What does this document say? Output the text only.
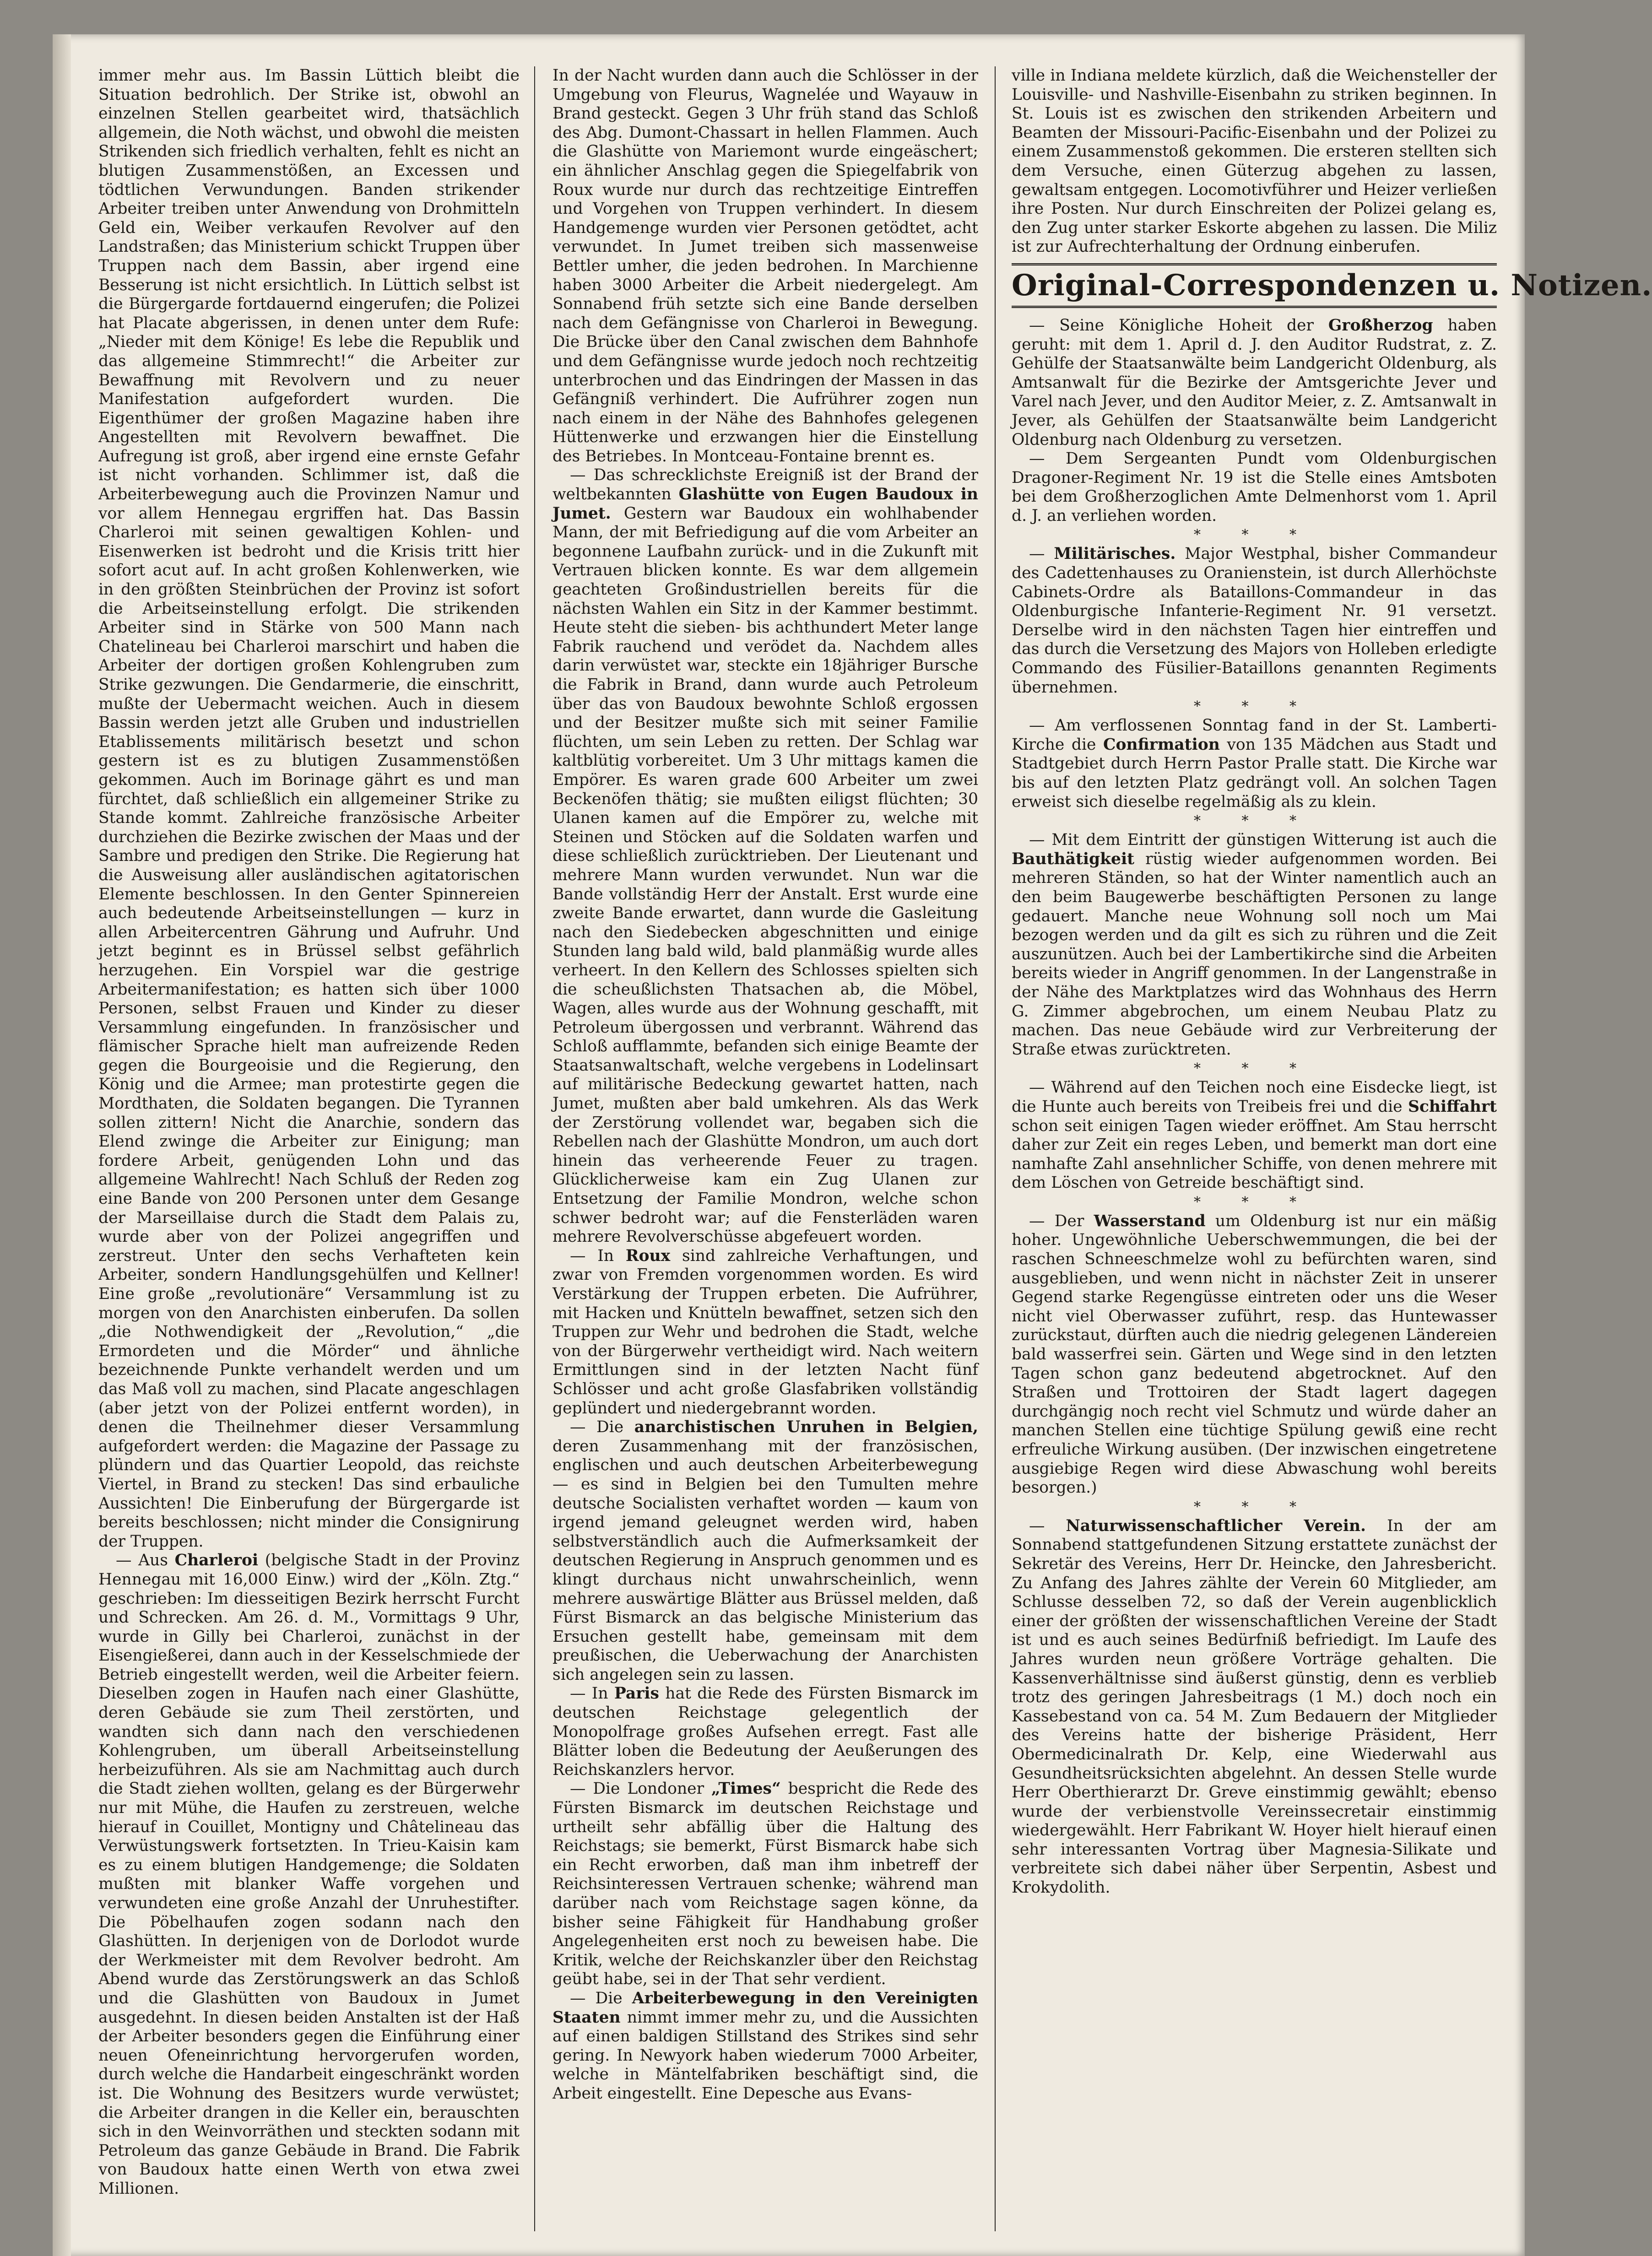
immer mehr aus. Im Bassin Lüttich bleibt die Situation bedrohlich. Der Strike ist, obwohl an einzelnen Stellen gearbeitet wird, thatsächlich allgemein, die Noth wächst, und obwohl die meisten Strikenden sich friedlich verhalten, fehlt es nicht an blutigen Zusammenstößen, an Excessen und tödtlichen Verwundungen. Banden strikender Arbeiter treiben unter Anwendung von Drohmitteln Geld ein, Weiber verkaufen Revolver auf den Landstraßen; das Ministerium schickt Truppen über Truppen nach dem Bassin, aber irgend eine Besserung ist nicht ersichtlich. In Lüttich selbst ist die Bürgergarde fortdauernd eingerufen; die Polizei hat Placate abgerissen, in denen unter dem Rufe: „Nieder mit dem Könige! Es lebe die Republik und das allgemeine Stimmrecht!“ die Arbeiter zur Bewaffnung mit Revolvern und zu neuer Manifestation aufgefordert wurden. Die Eigenthümer der großen Magazine haben ihre Angestellten mit Revolvern bewaffnet. Die Aufregung ist groß, aber irgend eine ernste Gefahr ist nicht vorhanden. Schlimmer ist, daß die Arbeiterbewegung auch die Provinzen Namur und vor allem Hennegau ergriffen hat. Das Bassin Charleroi mit seinen gewaltigen Kohlen- und Eisenwerken ist bedroht und die Krisis tritt hier sofort acut auf. In acht großen Kohlenwerken, wie in den größten Steinbrüchen der Provinz ist sofort die Arbeitseinstellung erfolgt. Die strikenden Arbeiter sind in Stärke von 500 Mann nach Chatelineau bei Charleroi marschirt und haben die Arbeiter der dortigen großen Kohlengruben zum Strike gezwungen. Die Gendarmerie, die einschritt, mußte der Uebermacht weichen. Auch in diesem Bassin werden jetzt alle Gruben und industriellen Etablissements militärisch besetzt und schon gestern ist es zu blutigen Zusammenstößen gekommen. Auch im Borinage gährt es und man fürchtet, daß schließlich ein allgemeiner Strike zu Stande kommt. Zahlreiche französische Arbeiter durchziehen die Bezirke zwischen der Maas und der Sambre und predigen den Strike. Die Regierung hat die Ausweisung aller ausländischen agitatorischen Elemente beschlossen. In den Genter Spinnereien auch bedeutende Arbeitseinstellungen — kurz in allen Arbeitercentren Gährung und Aufruhr. Und jetzt beginnt es in Brüssel selbst gefährlich herzugehen. Ein Vorspiel war die gestrige Arbeitermanifestation; es hatten sich über 1000 Personen, selbst Frauen und Kinder zu dieser Versammlung eingefunden. In französischer und flämischer Sprache hielt man aufreizende Reden gegen die Bourgeoisie und die Regierung, den König und die Armee; man protestirte gegen die Mordthaten, die Soldaten begangen. Die Tyrannen sollen zittern! Nicht die Anarchie, sondern das Elend zwinge die Arbeiter zur Einigung; man fordere Arbeit, genügenden Lohn und das allgemeine Wahlrecht! Nach Schluß der Reden zog eine Bande von 200 Personen unter dem Gesange der Marseillaise durch die Stadt dem Palais zu, wurde aber von der Polizei angegriffen und zerstreut. Unter den sechs Verhafteten kein Arbeiter, sondern Handlungsgehülfen und Kellner! Eine große „revolutionäre“ Versammlung ist zu morgen von den Anarchisten einberufen. Da sollen „die Nothwendigkeit der „Revolution,“ „die Ermordeten und die Mörder“ und ähnliche bezeichnende Punkte verhandelt werden und um das Maß voll zu machen, sind Placate angeschlagen (aber jetzt von der Polizei entfernt worden), in denen die Theilnehmer dieser Versammlung aufgefordert werden: die Magazine der Passage zu plündern und das Quartier Leopold, das reichste Viertel, in Brand zu stecken! Das sind erbauliche Aussichten! Die Einberufung der Bürgergarde ist bereits beschlossen; nicht minder die Consignirung der Truppen.

— Aus Charleroi (belgische Stadt in der Provinz Hennegau mit 16,000 Einw.) wird der „Köln. Ztg.“ geschrieben: Im diesseitigen Bezirk herrscht Furcht und Schrecken. Am 26. d. M., Vormittags 9 Uhr, wurde in Gilly bei Charleroi, zunächst in der Eisengießerei, dann auch in der Kesselschmiede der Betrieb eingestellt werden, weil die Arbeiter feiern. Dieselben zogen in Haufen nach einer Glashütte, deren Gebäude sie zum Theil zerstörten, und wandten sich dann nach den verschiedenen Kohlengruben, um überall Arbeitseinstellung herbeizuführen. Als sie am Nachmittag auch durch die Stadt ziehen wollten, gelang es der Bürgerwehr nur mit Mühe, die Haufen zu zerstreuen, welche hierauf in Couillet, Montigny und Châtelineau das Verwüstungswerk fortsetzten. In Trieu-Kaisin kam es zu einem blutigen Handgemenge; die Soldaten mußten mit blanker Waffe vorgehen und verwundeten eine große Anzahl der Unruhestifter. Die Pöbelhaufen zogen sodann nach den Glashütten. In derjenigen von de Dorlodot wurde der Werkmeister mit dem Revolver bedroht. Am Abend wurde das Zerstörungswerk an das Schloß und die Glashütten von Baudoux in Jumet ausgedehnt. In diesen beiden Anstalten ist der Haß der Arbeiter besonders gegen die Einführung einer neuen Ofeneinrichtung hervorgerufen worden, durch welche die Handarbeit eingeschränkt worden ist. Die Wohnung des Besitzers wurde verwüstet; die Arbeiter drangen in die Keller ein, berauschten sich in den Weinvorräthen und steckten sodann mit Petroleum das ganze Gebäude in Brand. Die Fabrik von Baudoux hatte einen Werth von etwa zwei Millionen.

In der Nacht wurden dann auch die Schlösser in der Umgebung von Fleurus, Wagnelée und Wayauw in Brand gesteckt. Gegen 3 Uhr früh stand das Schloß des Abg. Dumont-Chassart in hellen Flammen. Auch die Glashütte von Mariemont wurde eingeäschert; ein ähnlicher Anschlag gegen die Spiegelfabrik von Roux wurde nur durch das rechtzeitige Eintreffen und Vorgehen von Truppen verhindert. In diesem Handgemenge wurden vier Personen getödtet, acht verwundet. In Jumet treiben sich massenweise Bettler umher, die jeden bedrohen. In Marchienne haben 3000 Arbeiter die Arbeit niedergelegt. Am Sonnabend früh setzte sich eine Bande derselben nach dem Gefängnisse von Charleroi in Bewegung. Die Brücke über den Canal zwischen dem Bahnhofe und dem Gefängnisse wurde jedoch noch rechtzeitig unterbrochen und das Eindringen der Massen in das Gefängniß verhindert. Die Aufrührer zogen nun nach einem in der Nähe des Bahnhofes gelegenen Hüttenwerke und erzwangen hier die Einstellung des Betriebes. In Montceau-Fontaine brennt es.

— Das schrecklichste Ereigniß ist der Brand der weltbekannten Glashütte von Eugen Baudoux in Jumet. Gestern war Baudoux ein wohlhabender Mann, der mit Befriedigung auf die vom Arbeiter an begonnene Laufbahn zurück- und in die Zukunft mit Vertrauen blicken konnte. Es war dem allgemein geachteten Großindustriellen bereits für die nächsten Wahlen ein Sitz in der Kammer bestimmt. Heute steht die sieben- bis achthundert Meter lange Fabrik rauchend und verödet da. Nachdem alles darin verwüstet war, steckte ein 18jähriger Bursche die Fabrik in Brand, dann wurde auch Petroleum über das von Baudoux bewohnte Schloß ergossen und der Besitzer mußte sich mit seiner Familie flüchten, um sein Leben zu retten. Der Schlag war kaltblütig vorbereitet. Um 3 Uhr mittags kamen die Empörer. Es waren grade 600 Arbeiter um zwei Beckenöfen thätig; sie mußten eiligst flüchten; 30 Ulanen kamen auf die Empörer zu, welche mit Steinen und Stöcken auf die Soldaten warfen und diese schließlich zurücktrieben. Der Lieutenant und mehrere Mann wurden verwundet. Nun war die Bande vollständig Herr der Anstalt. Erst wurde eine zweite Bande erwartet, dann wurde die Gasleitung nach den Siedebecken abgeschnitten und einige Stunden lang bald wild, bald planmäßig wurde alles verheert. In den Kellern des Schlosses spielten sich die scheußlichsten Thatsachen ab, die Möbel, Wagen, alles wurde aus der Wohnung geschafft, mit Petroleum übergossen und verbrannt. Während das Schloß aufflammte, befanden sich einige Beamte der Staatsanwaltschaft, welche vergebens in Lodelinsart auf militärische Bedeckung gewartet hatten, nach Jumet, mußten aber bald umkehren. Als das Werk der Zerstörung vollendet war, begaben sich die Rebellen nach der Glashütte Mondron, um auch dort hinein das verheerende Feuer zu tragen. Glücklicherweise kam ein Zug Ulanen zur Entsetzung der Familie Mondron, welche schon schwer bedroht war; auf die Fensterläden waren mehrere Revolverschüsse abgefeuert worden.

— In Roux sind zahlreiche Verhaftungen, und zwar von Fremden vorgenommen worden. Es wird Verstärkung der Truppen erbeten. Die Aufrührer, mit Hacken und Knütteln bewaffnet, setzen sich den Truppen zur Wehr und bedrohen die Stadt, welche von der Bürgerwehr vertheidigt wird. Nach weitern Ermittlungen sind in der letzten Nacht fünf Schlösser und acht große Glasfabriken vollständig geplündert und niedergebrannt worden.

— Die anarchistischen Unruhen in Belgien, deren Zusammenhang mit der französischen, englischen und auch deutschen Arbeiterbewegung — es sind in Belgien bei den Tumulten mehre deutsche Socialisten verhaftet worden — kaum von irgend jemand geleugnet werden wird, haben selbstverständlich auch die Aufmerksamkeit der deutschen Regierung in Anspruch genommen und es klingt durchaus nicht unwahrscheinlich, wenn mehrere auswärtige Blätter aus Brüssel melden, daß Fürst Bismarck an das belgische Ministerium das Ersuchen gestellt habe, gemeinsam mit dem preußischen, die Ueberwachung der Anarchisten sich angelegen sein zu lassen.

— In Paris hat die Rede des Fürsten Bismarck im deutschen Reichstage gelegentlich der Monopolfrage großes Aufsehen erregt. Fast alle Blätter loben die Bedeutung der Aeußerungen des Reichskanzlers hervor.

— Die Londoner „Times“ bespricht die Rede des Fürsten Bismarck im deutschen Reichstage und urtheilt sehr abfällig über die Haltung des Reichstags; sie bemerkt, Fürst Bismarck habe sich ein Recht erworben, daß man ihm inbetreff der Reichsinteressen Vertrauen schenke; während man darüber nach vom Reichstage sagen könne, da bisher seine Fähigkeit für Handhabung großer Angelegenheiten erst noch zu beweisen habe. Die Kritik, welche der Reichskanzler über den Reichstag geübt habe, sei in der That sehr verdient.

— Die Arbeiterbewegung in den Vereinigten Staaten nimmt immer mehr zu, und die Aussichten auf einen baldigen Stillstand des Strikes sind sehr gering. In Newyork haben wiederum 7000 Arbeiter, welche in Mäntelfabriken beschäftigt sind, die Arbeit eingestellt. Eine Depesche aus Evans-

ville in Indiana meldete kürzlich, daß die Weichensteller der Louisville- und Nashville-Eisenbahn zu striken beginnen. In St. Louis ist es zwischen den strikenden Arbeitern und Beamten der Missouri-Pacific-Eisenbahn und der Polizei zu einem Zusammenstoß gekommen. Die ersteren stellten sich dem Versuche, einen Güterzug abgehen zu lassen, gewaltsam entgegen. Locomotivführer und Heizer verließen ihre Posten. Nur durch Einschreiten der Polizei gelang es, den Zug unter starker Eskorte abgehen zu lassen. Die Miliz ist zur Aufrechterhaltung der Ordnung einberufen.

Original-Correspondenzen u. Notizen.

— Seine Königliche Hoheit der Großherzog haben geruht: mit dem 1. April d. J. den Auditor Rudstrat, z. Z. Gehülfe der Staatsanwälte beim Landgericht Oldenburg, als Amtsanwalt für die Bezirke der Amtsgerichte Jever und Varel nach Jever, und den Auditor Meier, z. Z. Amtsanwalt in Jever, als Gehülfen der Staatsanwälte beim Landgericht Oldenburg nach Oldenburg zu versetzen.

— Dem Sergeanten Pundt vom Oldenburgischen Dragoner-Regiment Nr. 19 ist die Stelle eines Amtsboten bei dem Großherzoglichen Amte Delmenhorst vom 1. April d. J. an verliehen worden.

* * *

— Militärisches. Major Westphal, bisher Commandeur des Cadettenhauses zu Oranienstein, ist durch Allerhöchste Cabinets-Ordre als Bataillons-Commandeur in das Oldenburgische Infanterie-Regiment Nr. 91 versetzt. Derselbe wird in den nächsten Tagen hier eintreffen und das durch die Versetzung des Majors von Holleben erledigte Commando des Füsilier-Bataillons genannten Regiments übernehmen.

* * *

— Am verflossenen Sonntag fand in der St. Lamberti-Kirche die Confirmation von 135 Mädchen aus Stadt und Stadtgebiet durch Herrn Pastor Pralle statt. Die Kirche war bis auf den letzten Platz gedrängt voll. An solchen Tagen erweist sich dieselbe regelmäßig als zu klein.

* * *

— Mit dem Eintritt der günstigen Witterung ist auch die Bauthätigkeit rüstig wieder aufgenommen worden. Bei mehreren Ständen, so hat der Winter namentlich auch an den beim Baugewerbe beschäftigten Personen zu lange gedauert. Manche neue Wohnung soll noch um Mai bezogen werden und da gilt es sich zu rühren und die Zeit auszunützen. Auch bei der Lambertikirche sind die Arbeiten bereits wieder in Angriff genommen. In der Langenstraße in der Nähe des Marktplatzes wird das Wohnhaus des Herrn G. Zimmer abgebrochen, um einem Neubau Platz zu machen. Das neue Gebäude wird zur Verbreiterung der Straße etwas zurücktreten.

* * *

— Während auf den Teichen noch eine Eisdecke liegt, ist die Hunte auch bereits von Treibeis frei und die Schiffahrt schon seit einigen Tagen wieder eröffnet. Am Stau herrscht daher zur Zeit ein reges Leben, und bemerkt man dort eine namhafte Zahl ansehnlicher Schiffe, von denen mehrere mit dem Löschen von Getreide beschäftigt sind.

* * *

— Der Wasserstand um Oldenburg ist nur ein mäßig hoher. Ungewöhnliche Ueberschwemmungen, die bei der raschen Schneeschmelze wohl zu befürchten waren, sind ausgeblieben, und wenn nicht in nächster Zeit in unserer Gegend starke Regengüsse eintreten oder uns die Weser nicht viel Oberwasser zuführt, resp. das Huntewasser zurückstaut, dürften auch die niedrig gelegenen Ländereien bald wasserfrei sein. Gärten und Wege sind in den letzten Tagen schon ganz bedeutend abgetrocknet. Auf den Straßen und Trottoiren der Stadt lagert dagegen durchgängig noch recht viel Schmutz und würde daher an manchen Stellen eine tüchtige Spülung gewiß eine recht erfreuliche Wirkung ausüben. (Der inzwischen eingetretene ausgiebige Regen wird diese Abwaschung wohl bereits besorgen.)

* * *

— Naturwissenschaftlicher Verein. In der am Sonnabend stattgefundenen Sitzung erstattete zunächst der Sekretär des Vereins, Herr Dr. Heincke, den Jahresbericht. Zu Anfang des Jahres zählte der Verein 60 Mitglieder, am Schlusse desselben 72, so daß der Verein augenblicklich einer der größten der wissenschaftlichen Vereine der Stadt ist und es auch seines Bedürfniß befriedigt. Im Laufe des Jahres wurden neun größere Vorträge gehalten. Die Kassenverhältnisse sind äußerst günstig, denn es verblieb trotz des geringen Jahresbeitrags (1 M.) doch noch ein Kassebestand von ca. 54 M. Zum Bedauern der Mitglieder des Vereins hatte der bisherige Präsident, Herr Obermedicinalrath Dr. Kelp, eine Wiederwahl aus Gesundheitsrücksichten abgelehnt. An dessen Stelle wurde Herr Oberthierarzt Dr. Greve einstimmig gewählt; ebenso wurde der verbienstvolle Vereinssecretair einstimmig wiedergewählt. Herr Fabrikant W. Hoyer hielt hierauf einen sehr interessanten Vortrag über Magnesia-Silikate und verbreitete sich dabei näher über Serpentin, Asbest und Krokydolith.
